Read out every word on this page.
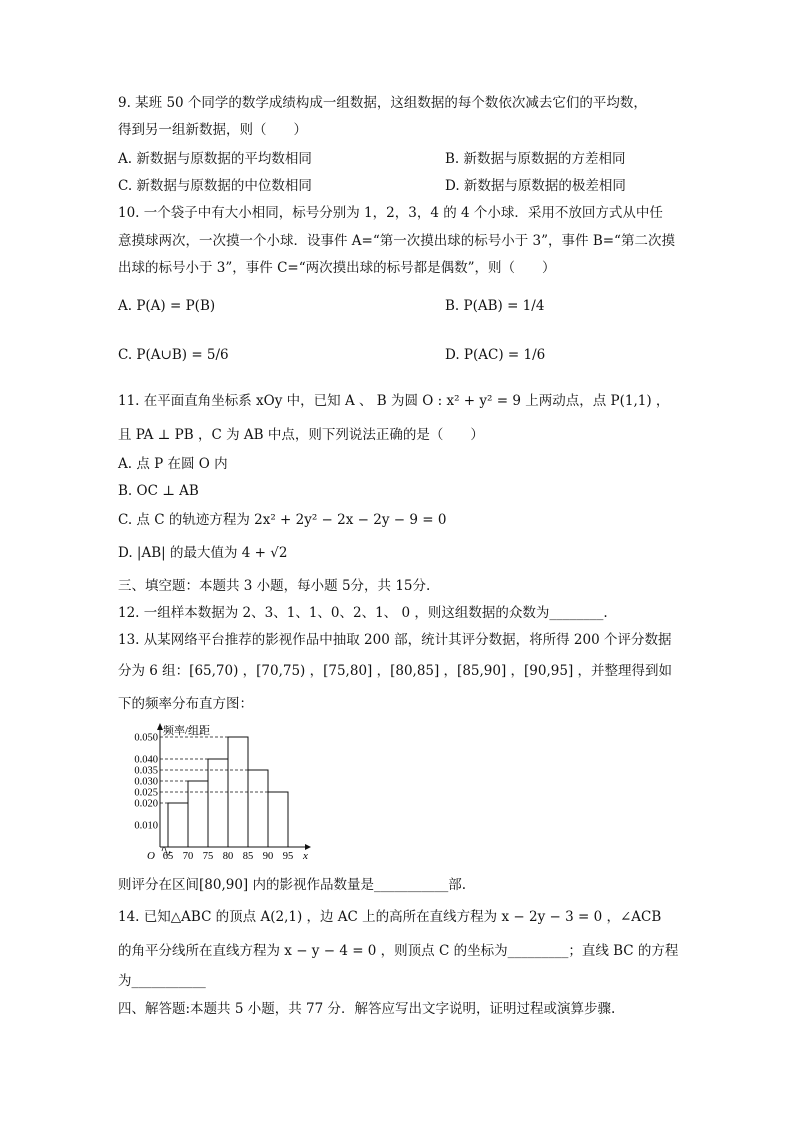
9. 某班 50 个同学的数学成绩构成一组数据，这组数据的每个数依次减去它们的平均数，
得到另一组新数据，则（　　）
A. 新数据与原数据的平均数相同	B. 新数据与原数据的方差相同
C. 新数据与原数据的中位数相同	D. 新数据与原数据的极差相同
10. 一个袋子中有大小相同，标号分别为 1，2，3，4 的 4 个小球．采用不放回方式从中任
意摸球两次，一次摸一个小球．设事件 A=“第一次摸出球的标号小于 3”，事件 B=“第二次摸
出球的标号小于 3”，事件 C=“两次摸出球的标号都是偶数”，则（　　）
A. P(A) = P(B)	B. P(AB) = 1/4
C. P(A∪B) = 5/6	D. P(AC) = 1/6
11. 在平面直角坐标系 xOy 中，已知 A 、 B 为圆 O : x² + y² = 9 上两动点，点 P(1,1) ，
且 PA ⊥ PB ，C 为 AB 中点，则下列说法正确的是（　　）
A. 点 P 在圆 O 内
B. OC ⊥ AB
C. 点 C 的轨迹方程为 2x² + 2y² − 2x − 2y − 9 = 0
D. |AB| 的最大值为 4 + √2
三、填空题：本题共 3 小题，每小题 5分，共 15分.
12. 一组样本数据为 2、3、1、1、0、2、1、 0 ，则这组数据的众数为________.
13. 从某网络平台推荐的影视作品中抽取 200 部，统计其评分数据，将所得 200 个评分数据
分为 6 组：[65,70) ，[70,75) ，[75,80] ，[80,85] ，[85,90] ，[90,95] ，并整理得到如
下的频率分布直方图：
频率/组距
x
O
0.050
0.040
0.035
0.030
0.025
0.020
0.010
65 70 75 80 85 90 95
则评分在区间[80,90] 内的影视作品数量是___________部.
14. 已知△ABC 的顶点 A(2,1) ，边 AC 上的高所在直线方程为 x − 2y − 3 = 0 ，∠ACB
的角平分线所在直线方程为 x − y − 4 = 0 ，则顶点 C 的坐标为_________；直线 BC 的方程
为___________
四、解答题:本题共 5 小题，共 77 分．解答应写出文字说明，证明过程或演算步骤.
